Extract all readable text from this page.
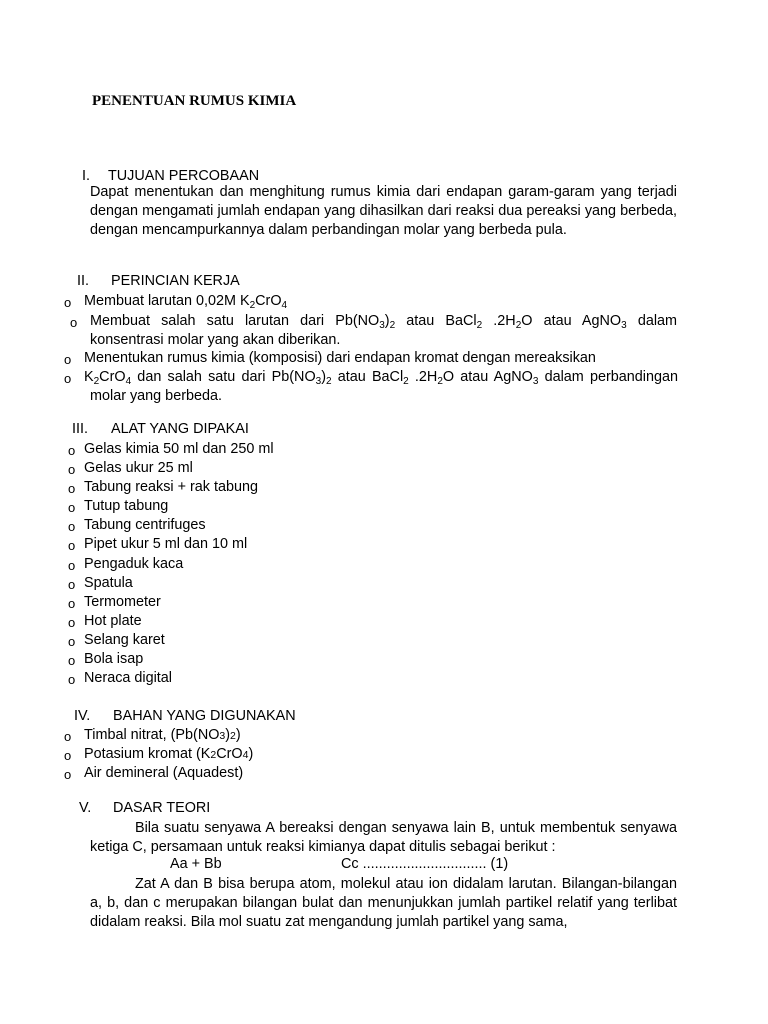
PENENTUAN RUMUS KIMIA
I. TUJUAN PERCOBAAN

Dapat menentukan dan menghitung rumus kimia dari endapan garam-garam yang terjadi dengan mengamati jumlah endapan yang dihasilkan dari reaksi dua pereaksi yang berbeda, dengan mencampurkannya dalam perbandingan molar yang berbeda pula.

II. PERINCIAN KERJA
o Membuat larutan 0,02M $K_2CrO_4$
o Membuat salah satu larutan dari $Pb(NO_3)_2$ atau BaCl$_2$ $.2H_2O$ atau AgNO$_3$ dalam
konsentrasi molar yang akan diberikan.
o Menentukan rumus kimia (komposisi) dari endapan kromat dengan mereaksikan
o $K_2CrO_4$ dan salah satu dari $Pb(NO_3)_2$ atau BaCl$_2$ $.2H_2O$ atau AgNO$_3$ dalam perbandingan
molar yang berbeda.
III. ALAT YANG DIPAKAI
o Gelas kimia 50 ml dan 250 ml
o Gelas ukur 25 ml
o Tabung reaksi + rak tabung
o Tutup tabung
o Tabung centrifuges
o Pipet ukur 5 ml dan 10 ml
o Pengaduk kaca
o Spatula
o Termometer
o Hot plate
o Selang karet
o Bola isap
o Neraca digital
IV. BAHAN YANG DIGUNAKAN
o Timbal nitrat, (Pb(NO3)2)
o Potasium kromat (K2CrO4)
o Air demineral (Aquadest)
V. DASAR TEORI

Bila suatu senyawa A bereaksi dengan senyawa lain B, untuk membentuk senyawa ketiga C, persamaan untuk reaksi kimianya dapat ditulis sebagai berikut :

Aa + Bb	Cc ............................... (1)

Zat A dan B bisa berupa atom, molekul atau ion didalam larutan. Bilangan-bilangan a, b, dan c merupakan bilangan bulat dan menunjukkan jumlah partikel relatif yang terlibat didalam reaksi. Bila mol suatu zat mengandung jumlah partikel yang sama,
